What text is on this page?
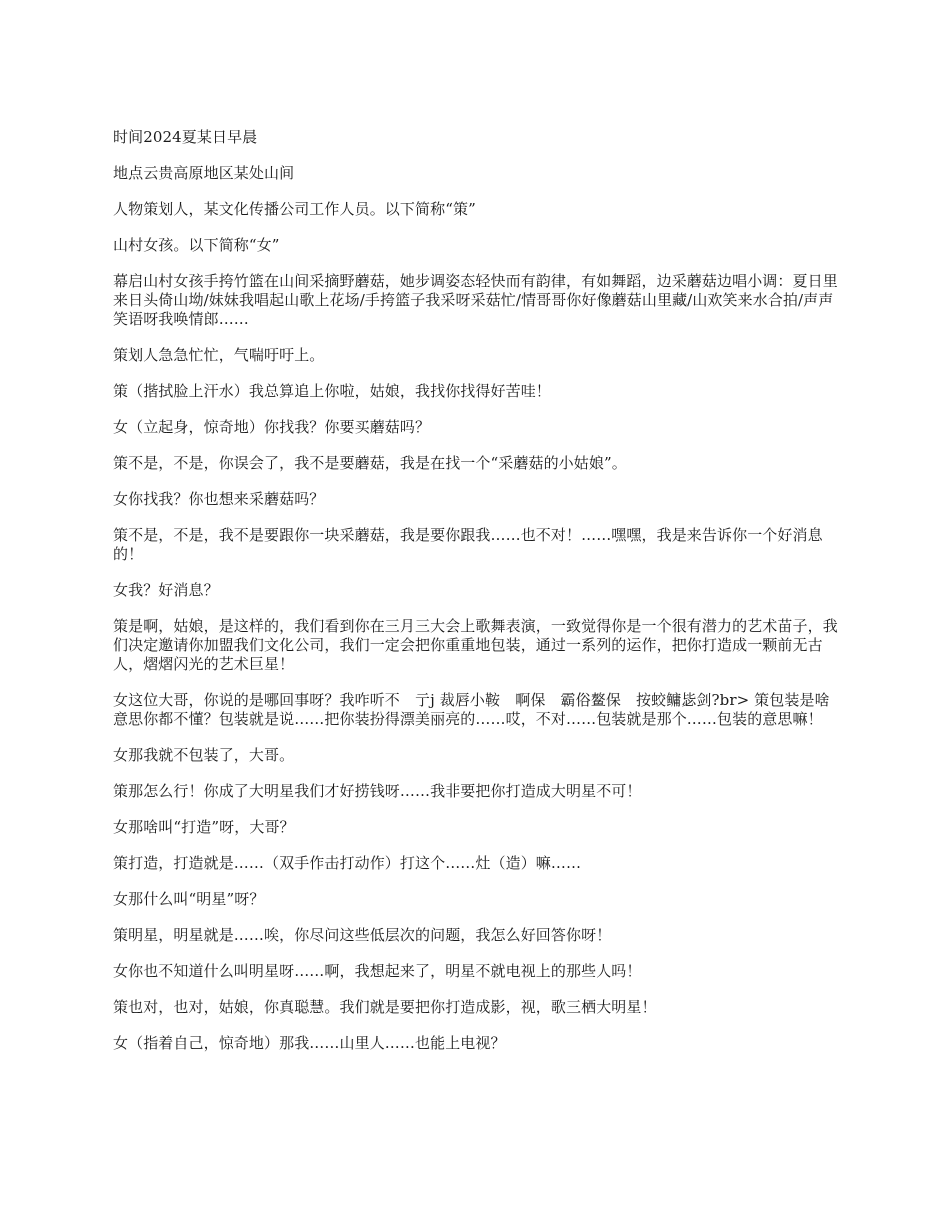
时间2024夏某日早晨

地点云贵高原地区某处山间

人物策划人，某文化传播公司工作人员。以下简称“策”

山村女孩。以下简称“女”

幕启山村女孩手挎竹篮在山间采摘野蘑菇，她步调姿态轻快而有韵律，有如舞蹈，边采蘑菇边唱小调：夏日里来日头倚山坳/妹妹我唱起山歌上花场/手挎篮子我采呀采菇忙/情哥哥你好像蘑菇山里藏/山欢笑来水合拍/声声笑语呀我唤情郎……

策划人急急忙忙，气喘吁吁上。

策（揩拭脸上汗水）我总算追上你啦，姑娘，我找你找得好苦哇！

女（立起身，惊奇地）你找我？你要买蘑菇吗？

策不是，不是，你误会了，我不是要蘑菇，我是在找一个“采蘑菇的小姑娘”。

女你找我？你也想来采蘑菇吗？

策不是，不是，我不是要跟你一块采蘑菇，我是要你跟我……也不对！……嘿嘿，我是来告诉你一个好消息的！

女我？好消息？

策是啊，姑娘，是这样的，我们看到你在三月三大会上歌舞表演，一致觉得你是一个很有潜力的艺术苗子，我们决定邀请你加盟我们文化公司，我们一定会把你重重地包装，通过一系列的运作，把你打造成一颗前无古人，熠熠闪光的艺术巨星！

女这位大哥，你说的是哪回事呀？我咋听不　亍j 裁唇小鞍　啊保　霸俗鳌保　按蛟鳙毖剑?br> 策包装是啥意思你都不懂？包装就是说……把你装扮得漂美丽亮的……哎，不对……包装就是那个……包装的意思嘛！

女那我就不包装了，大哥。

策那怎么行！你成了大明星我们才好捞钱呀……我非要把你打造成大明星不可！

女那啥叫“打造”呀，大哥？

策打造，打造就是……（双手作击打动作）打这个……灶（造）嘛……

女那什么叫“明星”呀？

策明星，明星就是……唉，你尽问这些低层次的问题，我怎么好回答你呀！

女你也不知道什么叫明星呀……啊，我想起来了，明星不就电视上的那些人吗！

策也对，也对，姑娘，你真聪慧。我们就是要把你打造成影，视，歌三栖大明星！

女（指着自己，惊奇地）那我……山里人……也能上电视？
